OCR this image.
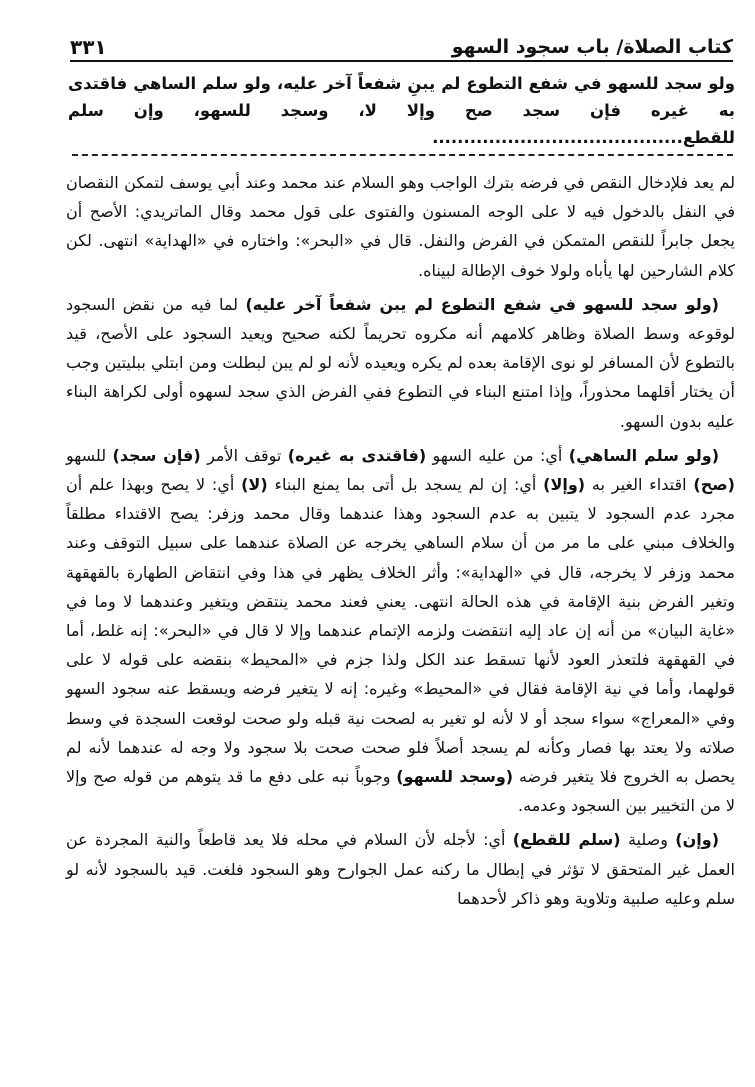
كتاب الصلاة/ باب سجود السهو
٣٣١

ولو سجد للسهو في شفع التطوع لم يبنِ شفعاً آخر عليه، ولو سلم الساهي فاقتدى به غيره فإن سجد صح وإلا لا، وسجد للسهو، وإن سلم للقطع........................................

لم يعد فلإدخال النقص في فرضه بترك الواجب وهو السلام عند محمد وعند أبي يوسف لتمكن النقصان في النفل بالدخول فيه لا على الوجه المسنون والفتوى على قول محمد وقال الماتريدي: الأصح أن يجعل جابراً للنقص المتمكن في الفرض والنفل. قال في «البحر»: واختاره في «الهداية» انتهى. لكن كلام الشارحين لها يأباه ولولا خوف الإطالة لبيناه.

(ولو سجد للسهو في شفع التطوع لم يبن شفعاً آخر عليه) لما فيه من نقض السجود لوقوعه وسط الصلاة وظاهر كلامهم أنه مكروه تحريماً لكنه صحيح ويعيد السجود على الأصح، قيد بالتطوع لأن المسافر لو نوى الإقامة بعده لم يكره ويعيده لأنه لو لم يبن لبطلت ومن ابتلي ببليتين وجب أن يختار أقلهما محذوراً، وإذا امتنع البناء في التطوع ففي الفرض الذي سجد لسهوه أولى لكراهة البناء عليه بدون السهو.

(ولو سلم الساهي) أي: من عليه السهو (فاقتدى به غيره) توقف الأمر (فإن سجد) للسهو (صح) اقتداء الغير به (وإلا) أي: إن لم يسجد بل أتى بما يمنع البناء (لا) أي: لا يصح وبهذا علم أن مجرد عدم السجود لا يتبين به عدم السجود وهذا عندهما وقال محمد وزفر: يصح الاقتداء مطلقاً والخلاف مبني على ما مر من أن سلام الساهي يخرجه عن الصلاة عندهما على سبيل التوقف وعند محمد وزفر لا يخرجه، قال في «الهداية»: وأثر الخلاف يظهر في هذا وفي انتقاض الطهارة بالقهقهة وتغير الفرض بنية الإقامة في هذه الحالة انتهى. يعني فعند محمد ينتقض ويتغير وعندهما لا وما في «غاية البيان» من أنه إن عاد إليه انتقضت ولزمه الإتمام عندهما وإلا لا قال في «البحر»: إنه غلط، أما في القهقهة فلتعذر العود لأنها تسقط عند الكل ولذا جزم في «المحيط» بنقضه على قوله لا على قولهما، وأما في نية الإقامة فقال في «المحيط» وغيره: إنه لا يتغير فرضه ويسقط عنه سجود السهو وفي «المعراج» سواء سجد أو لا لأنه لو تغير به لصحت نية قبله ولو صحت لوقعت السجدة في وسط صلاته ولا يعتد بها فصار وكأنه لم يسجد أصلاً فلو صحت صحت بلا سجود ولا وجه له عندهما لأنه لم يحصل به الخروج فلا يتغير فرضه (وسجد للسهو) وجوباً نبه على دفع ما قد يتوهم من قوله صح وإلا لا من التخيير بين السجود وعدمه.

(وإن) وصلية (سلم للقطع) أي: لأجله لأن السلام في محله فلا يعد قاطعاً والنية المجردة عن العمل غير المتحقق لا تؤثر في إبطال ما ركنه عمل الجوارح وهو السجود فلغت. قيد بالسجود لأنه لو سلم وعليه صلبية وتلاوية وهو ذاكر لأحدهما
